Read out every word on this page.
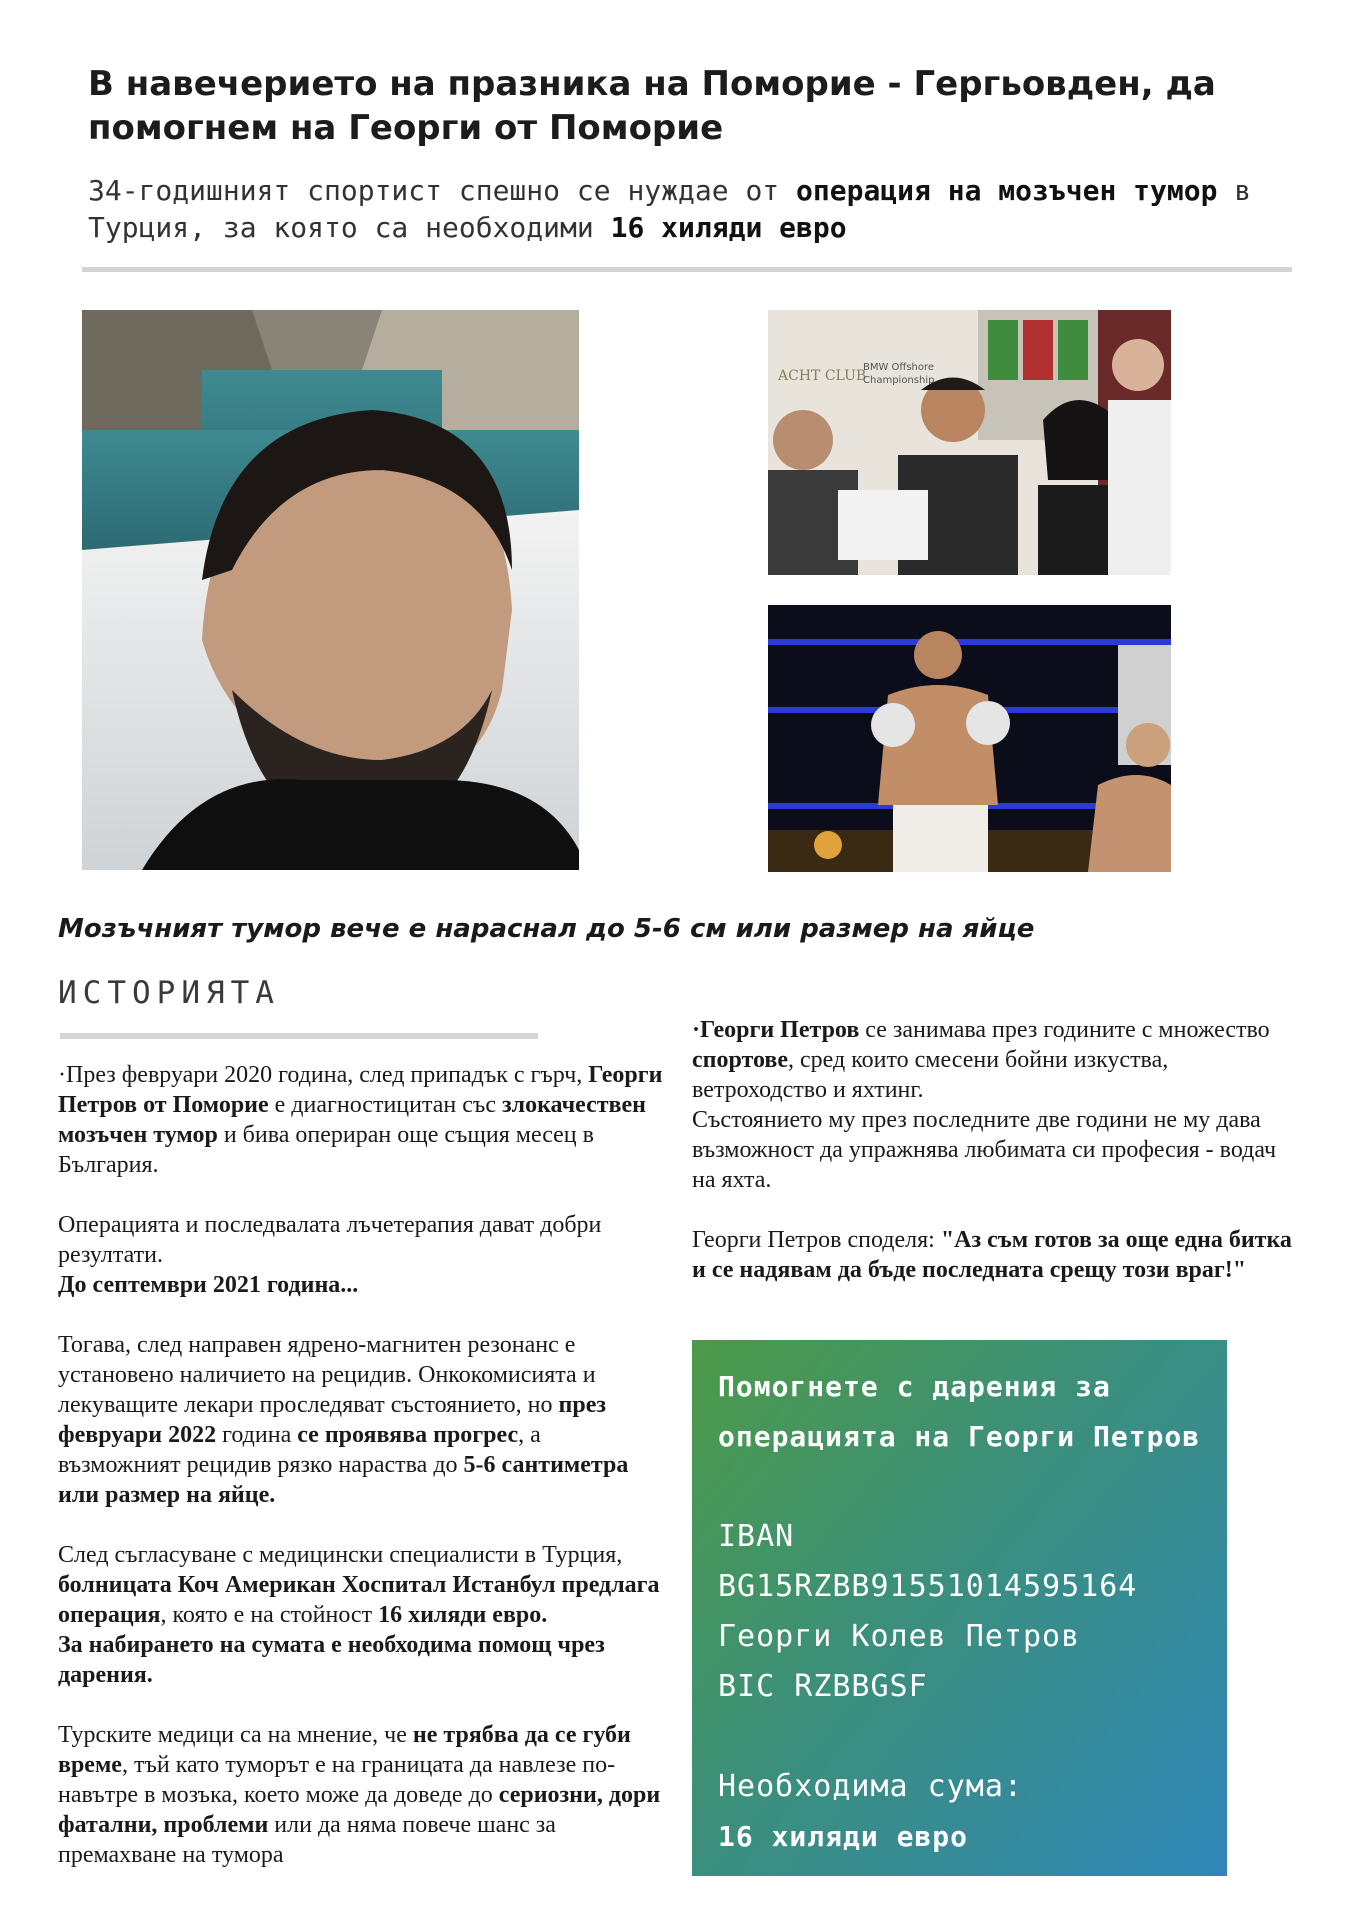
В навечерието на празника на Поморие - Гергьовден, да помогнем на Георги от Поморие

34-годишният спортист спешно се нуждае от операция на мозъчен тумор в Турция, за която са необходими 16 хиляди евро

ACHT CLUB
BMW Offshore
Championship

Мозъчният тумор вече е нараснал до 5-6 см или размер на яйце

ИСТОРИЯТА

·През февруари 2020 година, след припадък с гърч, Георги Петров от Поморие е диагностицитан със злокачествен мозъчен тумор и бива опериран още същия месец в България.

Операцията и последвалата лъчетерапия дават добри резултати.
До септември 2021 година...

Тогава, след направен ядрено-магнитен резонанс е установено наличието на рецидив. Онкокомисията и лекуващите лекари проследяват състоянието, но през февруари 2022 година се проявява прогрес, а възможният рецидив рязко нараства до 5-6 сантиметра или размер на яйце.

След съгласуване с медицински специалисти в Турция, болницата Коч Американ Хоспитал Истанбул предлага операция, която е на стойност 16 хиляди евро.
За набирането на сумата е необходима помощ чрез дарения.

Турските медици са на мнение, че не трябва да се губи време, тъй като туморът е на границата да навлезе по-навътре в мозъка, което може да доведе до сериозни, дори фатални, проблеми или да няма повече шанс за премахване на тумора

·Георги Петров се занимава през годините с множество спортове, сред които смесени бойни изкуства, ветроходство и яхтинг.
Състоянието му през последните две години не му дава възможност да упражнява любимата си професия - водач на яхта.

Георги Петров споделя: "Аз съм готов за още една битка и се надявам да бъде последната срещу този враг!"

Помогнете с дарения за
операцията на Георги Петров
IBAN
BG15RZBB91551014595164
Георги Колев Петров
BIC RZBBGSF
Необходима сума:
16 хиляди евро
